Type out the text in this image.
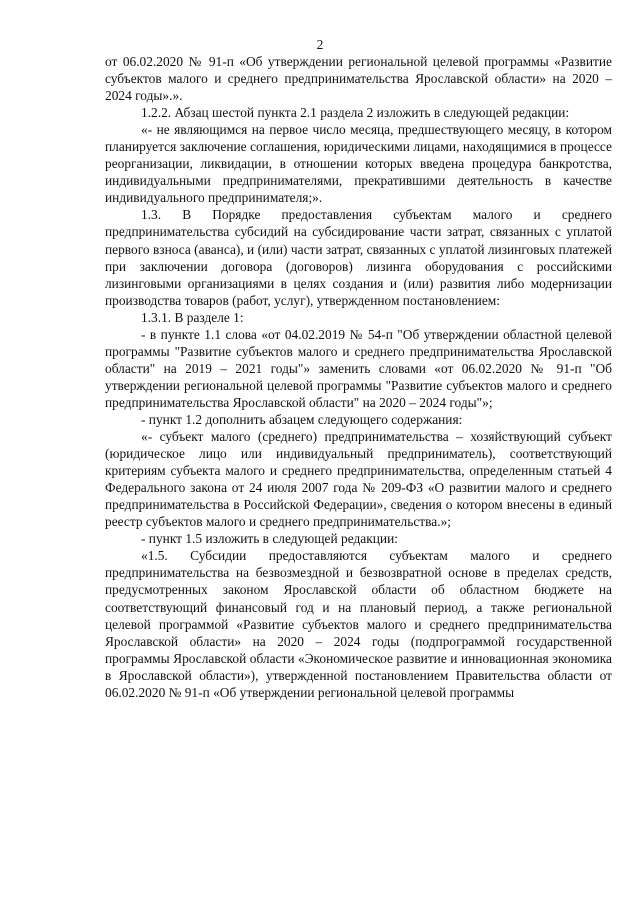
2

от 06.02.2020 № 91-п «Об утверждении региональной целевой программы «Развитие субъектов малого и среднего предпринимательства Ярославской области» на 2020 – 2024 годы».».

1.2.2. Абзац шестой пункта 2.1 раздела 2 изложить в следующей редакции:

«- не являющимся на первое число месяца, предшествующего месяцу, в котором планируется заключение соглашения, юридическими лицами, находящимися в процессе реорганизации, ликвидации, в отношении которых введена процедура банкротства, индивидуальными предпринимателями, прекратившими деятельность в качестве индивидуального предпринимателя;».

1.3. В Порядке предоставления субъектам малого и среднего предпринимательства субсидий на субсидирование части затрат, связанных с уплатой первого взноса (аванса), и (или) части затрат, связанных с уплатой лизинговых платежей при заключении договора (договоров) лизинга оборудования с российскими лизинговыми организациями в целях создания и (или) развития либо модернизации производства товаров (работ, услуг), утвержденном постановлением:

1.3.1. В разделе 1:

- в пункте 1.1 слова «от 04.02.2019 № 54-п "Об утверждении областной целевой программы "Развитие субъектов малого и среднего предпринимательства Ярославской области" на 2019 – 2021 годы"» заменить словами «от 06.02.2020 № 91-п "Об утверждении региональной целевой программы "Развитие субъектов малого и среднего предпринимательства Ярославской области" на 2020 – 2024 годы"»;

- пункт 1.2 дополнить абзацем следующего содержания:

«- субъект малого (среднего) предпринимательства – хозяйствующий субъект (юридическое лицо или индивидуальный предприниматель), соответствующий критериям субъекта малого и среднего предпринимательства, определенным статьей 4 Федерального закона от 24 июля 2007 года № 209-ФЗ «О развитии малого и среднего предпринимательства в Российской Федерации», сведения о котором внесены в единый реестр субъектов малого и среднего предпринимательства.»;

- пункт 1.5 изложить в следующей редакции:

«1.5. Субсидии предоставляются субъектам малого и среднего предпринимательства на безвозмездной и безвозвратной основе в пределах средств, предусмотренных законом Ярославской области об областном бюджете на соответствующий финансовый год и на плановый период, а также региональной целевой программой «Развитие субъектов малого и среднего предпринимательства Ярославской области» на 2020 – 2024 годы (подпрограммой государственной программы Ярославской области «Экономическое развитие и инновационная экономика в Ярославской области»), утвержденной постановлением Правительства области от 06.02.2020 № 91-п «Об утверждении региональной целевой программы
